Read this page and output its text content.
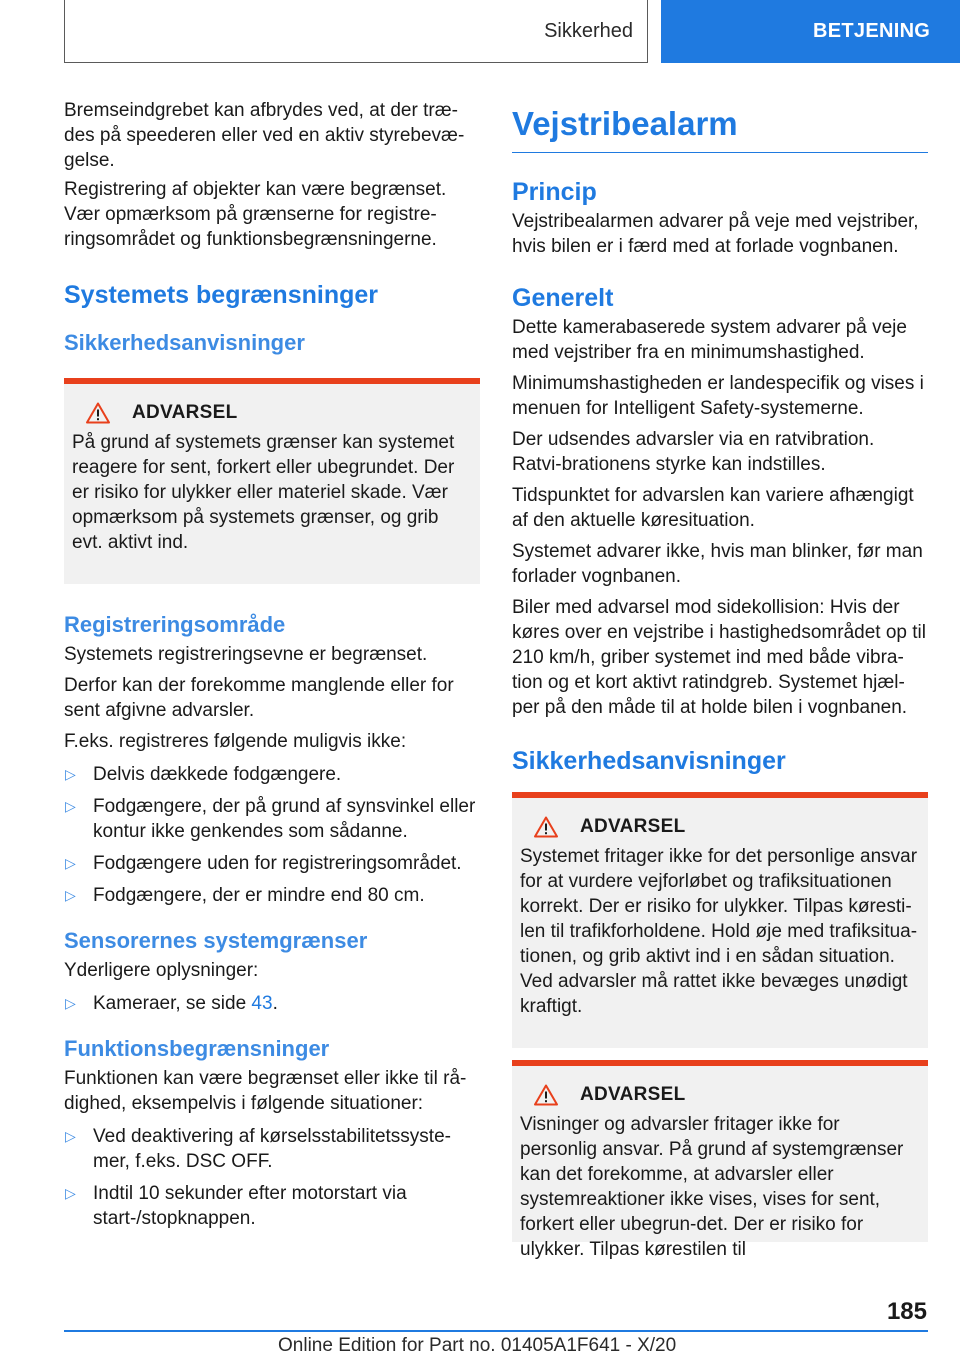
Sikkerhed	BETJENING

Bremseindgrebet kan afbrydes ved, at der træ-des på speederen eller ved en aktiv styrebevæ-gelse.

Registrering af objekter kan være begrænset. Vær opmærksom på grænserne for registre-ringsområdet og funktionsbegrænsningerne.

Systemets begrænsninger
Sikkerhedsanvisninger
ADVARSEL

På grund af systemets grænser kan systemet reagere for sent, forkert eller ubegrundet. Der er risiko for ulykker eller materiel skade. Vær opmærksom på systemets grænser, og grib evt. aktivt ind.

Registreringsområde

Systemets registreringsevne er begrænset.

Derfor kan der forekomme manglende eller for sent afgivne advarsler.

F.eks. registreres følgende muligvis ikke:

▷ Delvis dækkede fodgængere.
▷ Fodgængere, der på grund af synsvinkel eller kontur ikke genkendes som sådanne.
▷ Fodgængere uden for registreringsområdet.
▷ Fodgængere, der er mindre end 80 cm.
Sensorernes systemgrænser

Yderligere oplysninger:

▷ Kameraer, se side 43.
Funktionsbegrænsninger

Funktionen kan være begrænset eller ikke til rå-dighed, eksempelvis i følgende situationer:

▷ Ved deaktivering af kørselsstabilitetssyste-mer, f.eks. DSC OFF.
▷ Indtil 10 sekunder efter motorstart via start-/stopknappen.
Vejstribealarm
Princip

Vejstribealarmen advarer på veje med vejstriber, hvis bilen er i færd med at forlade vognbanen.

Generelt

Dette kamerabaserede system advarer på veje med vejstriber fra en minimumshastighed.

Minimumshastigheden er landespecifik og vises i menuen for Intelligent Safety-systemerne.

Der udsendes advarsler via en ratvibration. Ratvi-brationens styrke kan indstilles.

Tidspunktet for advarslen kan variere afhængigt af den aktuelle køresituation.

Systemet advarer ikke, hvis man blinker, før man forlader vognbanen.

Biler med advarsel mod sidekollision: Hvis der køres over en vejstribe i hastighedsområdet op til 210 km/h, griber systemet ind med både vibra-tion og et kort aktivt ratindgreb. Systemet hjæl-per på den måde til at holde bilen i vognbanen.

Sikkerhedsanvisninger
ADVARSEL

Systemet fritager ikke for det personlige ansvar for at vurdere vejforløbet og trafiksituationen korrekt. Der er risiko for ulykker. Tilpas køresti-len til trafikforholdene. Hold øje med trafiksitua-tionen, og grib aktivt ind i en sådan situation. Ved advarsler må rattet ikke bevæges unødigt kraftigt.

ADVARSEL

Visninger og advarsler fritager ikke for personlig ansvar. På grund af systemgrænser kan det forekomme, at advarsler eller systemreaktioner ikke vises, vises for sent, forkert eller ubegrun-det. Der er risiko for ulykker. Tilpas kørestilen til

185
Online Edition for Part no. 01405A1F641 - X/20
